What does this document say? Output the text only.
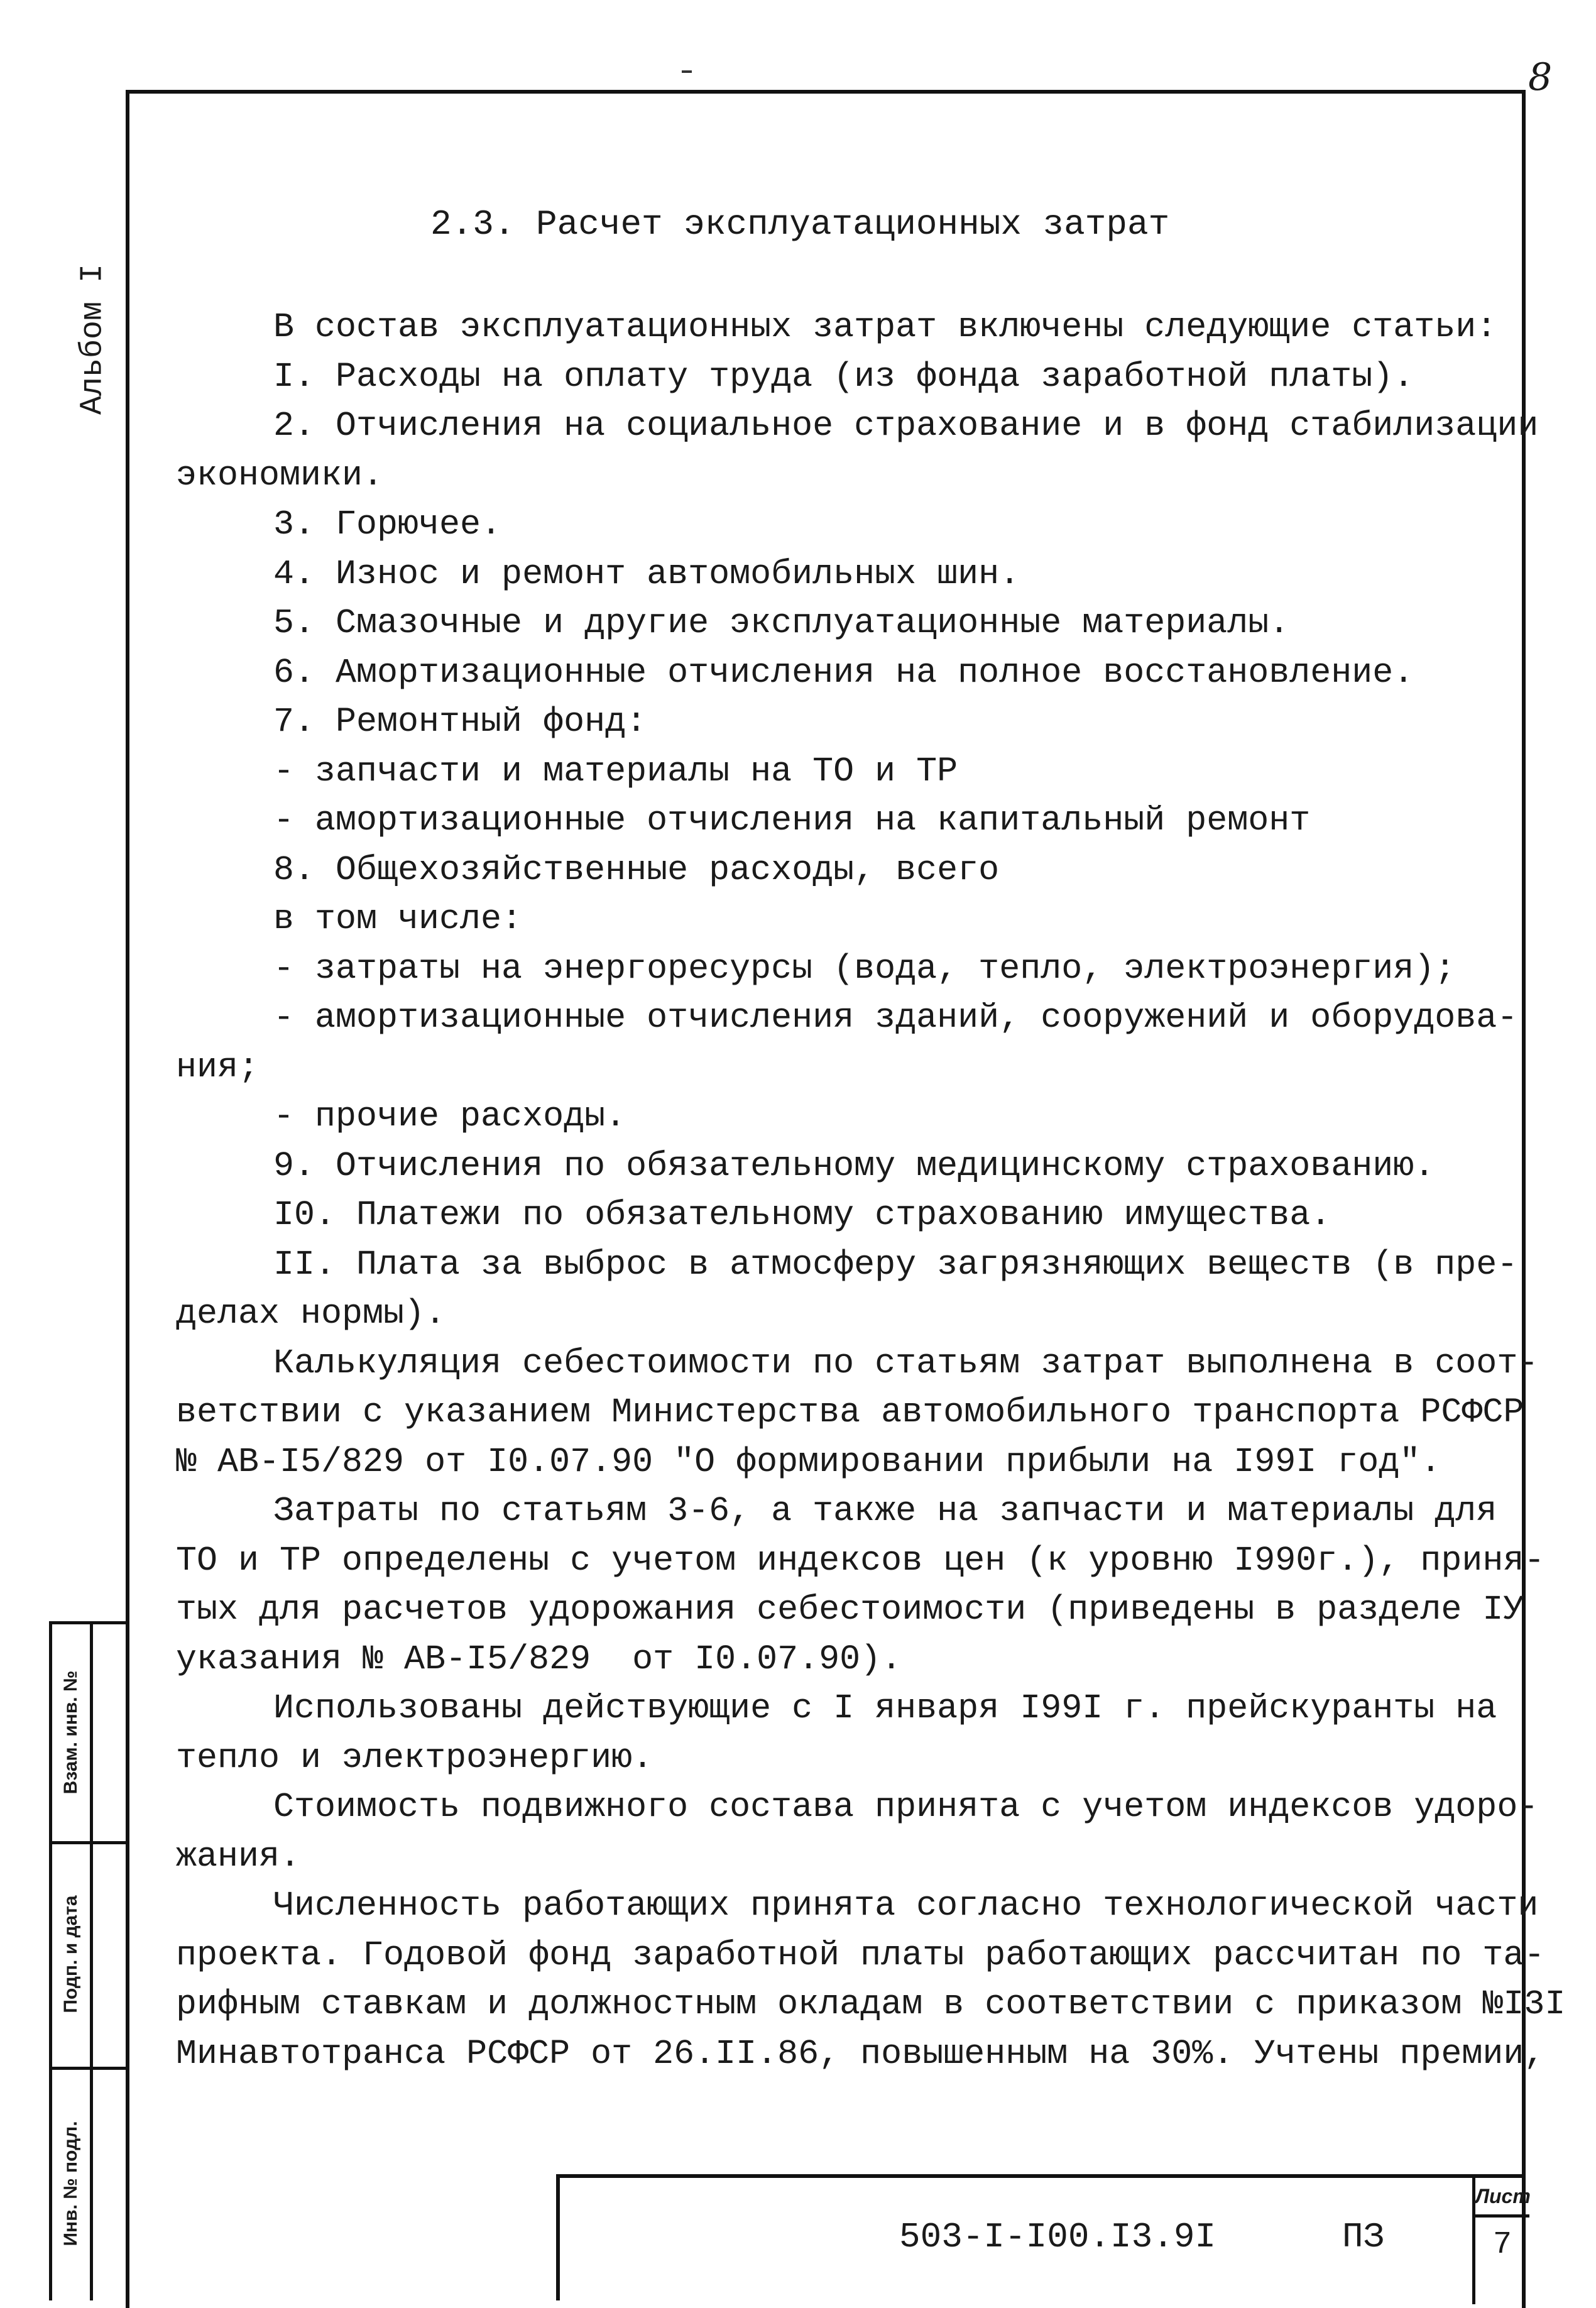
8
Альбом I
Взам. инв. №
Подп. и дата
Инв. № подл.
2.3. Расчет эксплуатационных затрат
В состав эксплуатационных затрат включены следующие статьи:
I. Расходы на оплату труда (из фонда заработной платы).
2. Отчисления на социальное страхование и в фонд стабилизации
экономики.
3. Горючее.
4. Износ и ремонт автомобильных шин.
5. Смазочные и другие эксплуатационные материалы.
6. Амортизационные отчисления на полное восстановление.
7. Ремонтный фонд:
- запчасти и материалы на ТО и ТР
- амортизационные отчисления на капитальный ремонт
8. Общехозяйственные расходы, всего
в том числе:
- затраты на энергоресурсы (вода, тепло, электроэнергия);
- амортизационные отчисления зданий, сооружений и оборудова-
ния;
- прочие расходы.
9. Отчисления по обязательному медицинскому страхованию.
I0. Платежи по обязательному страхованию имущества.
II. Плата за выброс в атмосферу загрязняющих веществ (в пре-
делах нормы).
Калькуляция себестоимости по статьям затрат выполнена в соот-
ветствии с указанием Министерства автомобильного транспорта РСФСР
№ АВ-I5/829 от I0.07.90 "О формировании прибыли на I99I год".
Затраты по статьям 3-6, а также на запчасти и материалы для
ТО и ТР определены с учетом индексов цен (к уровню I990г.), приня-
тых для расчетов удорожания себестоимости (приведены в разделе IУ
указания № АВ-I5/829  от I0.07.90).
Использованы действующие с I января I99I г. прейскуранты на
тепло и электроэнергию.
Стоимость подвижного состава принята с учетом индексов удоро-
жания.
Численность работающих принята согласно технологической части
проекта. Годовой фонд заработной платы работающих рассчитан по та-
рифным ставкам и должностным окладам в соответствии с приказом №I3I
Минавтотранса РСФСР от 26.II.86, повышенным на 30%. Учтены премии,
503-I-I00.I3.9I	ПЗ
Лист
7
